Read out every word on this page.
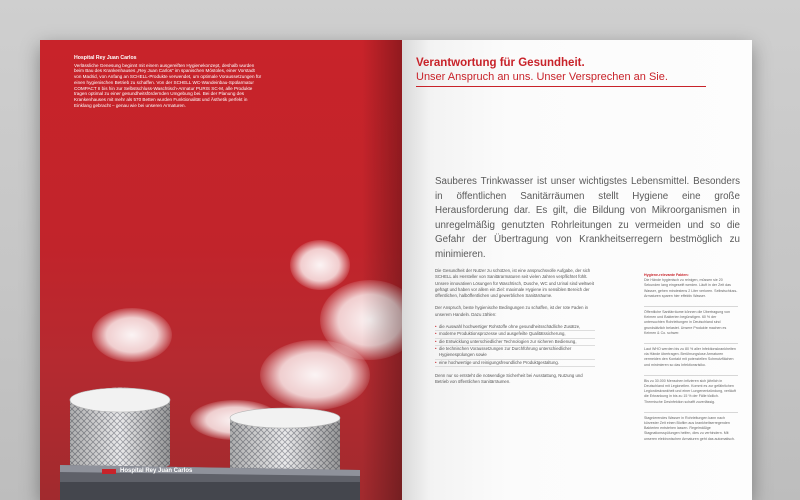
Hospital Rey Juan Carlos
Hospital Rey Juan Carlos
Verlässliche Genesung beginnt mit einem ausgereiften Hygienekonzept, deshalb wurden beim Bau des Krankenhauses „Rey Juan Carlos“ im spanischen Móstoles, einer Vorstadt von Madrid, von Anfang an SCHELL-Produkte verwendet, um optimale Voraussetzungen für einen hygienischen Betrieb zu schaffen. Von der SCHELL WC-Wandeinbau-Spülarmatur COMPACT II bis hin zur Selbstschluss-Waschtisch-Armatur PURIS SC-M, alle Produkte tragen optimal zu einer gesundheitsfördernden Umgebung bei. Bei der Planung des Krankenhauses mit mehr als 570 Betten wurden Funktionalität und Ästhetik perfekt in Einklang gebracht – genau wie bei unseren Armaturen.
Verantwortung für Gesundheit.
Unser Anspruch an uns. Unser Versprechen an Sie.
Sauberes Trinkwasser ist unser wichtigstes Lebensmittel. Besonders in öffentlichen Sanitärräumen stellt Hygiene eine große Herausforderung dar. Es gilt, die Bildung von Mikroorganismen in unregelmäßig genutzten Rohrleitungen zu vermeiden und so die Gefahr der Übertragung von Krankheitserregern bestmöglich zu minimieren.

Die Gesundheit der Nutzer zu schützen, ist eine anspruchsvolle Aufgabe, der sich SCHELL als Hersteller von Sanitärarmaturen seit vielen Jahren verpflichtet fühlt. Unsere innovativen Lösungen für Waschtisch, Dusche, WC und Urinal sind weltweit gefragt und haben vor allem ein Ziel: maximale Hygiene im sensiblen Bereich der öffentlichen, halböffentlichen und gewerblichen Sanitärräume.

Der Anspruch, beste hygienische Bedingungen zu schaffen, ist der rote Faden in unserem Handeln. Dazu zählen:

• die Auswahl hochwertiger Rohstoffe ohne gesundheitsschädliche Zusätze,
• moderne Produktionsprozesse und ausgefeilte Qualitätssicherung,
• die Entwicklung unterschiedlicher Technologien zur sicheren Bedienung,
• die technischen Voraussetzungen zur Durchführung unterschiedlicher Hygienespülungen sowie
• eine hochwertige und reinigungsfreundliche Produktgestaltung.

Denn nur so entsteht die notwendige Sicherheit bei Ausstattung, Nutzung und Betrieb von öffentlichen Sanitärräumen.

Hygiene-relevante Fakten:
Die Hände hygienisch zu reinigen, müssen sie 20 Sekunden lang eingeseift werden. Läuft in der Zeit das Wasser, gehen mindestens 2 Liter verloren. Selbstschluss-Armaturen sparen hier effektiv Wasser.
Öffentliche Sanitärräume können die Übertragung von Keimen und Bakterien begünstigen. 60 % der untersuchten Rohrleitungen in Deutschland sind grundsätzlich belastet. Unsere Produkte machen es Keimen & Co. schwer.
Laut WHO werden bis zu 80 % aller Infektionskrankheiten via Hände übertragen. Berührungslose Armaturen vermeiden den Kontakt mit potenziellen Schmutzflächen und minimieren so das Infektionsrisiko.
Bis zu 30.000 Menschen infizieren sich jährlich in Deutschland mit Legionellen. Kommt es zur gefährlichen Legionärskrankheit und einer Lungenentzündung, verläuft die Erkrankung in bis zu 15 % der Fälle tödlich. Thermische Desinfektion schafft zuverlässig.
Stagnierendes Wasser in Rohrleitungen kann nach kürzester Zeit einen Biofilm aus krankheitserregenden Bakterien entstehen lassen. Regelmäßige Stagnationsspülungen helfen, dies zu verhindern. Mit unseren elektronischen Armaturen geht das automatisch.
